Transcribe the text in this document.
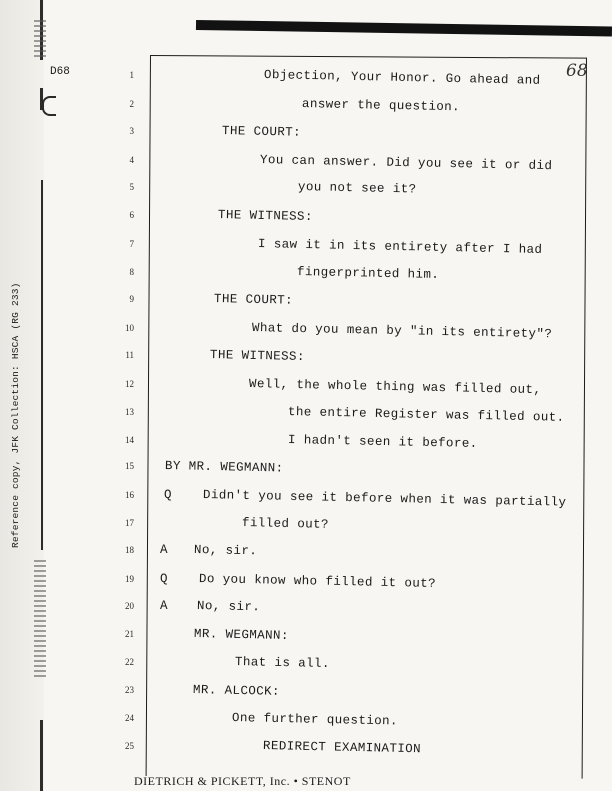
D68	68
Reference copy, JFK Collection: HSCA (RG 233)
1	Objection, Your Honor. Go ahead and
2	answer the question.
3	THE COURT:
4	You can answer. Did you see it or did
5	you not see it?
6	THE WITNESS:
7	I saw it in its entirety after I had
8	fingerprinted him.
9	THE COURT:
10	What do you mean by "in its entirety"?
11	THE WITNESS:
12	Well, the whole thing was filled out,
13	the entire Register was filled out.
14	I hadn't seen it before.
15 BY MR. WEGMANN:
16 Q Didn't you see it before when it was partially
17	filled out?
18 A No, sir.
19 Q Do you know who filled it out?
20 A No, sir.
21	MR. WEGMANN:
22	That is all.
23	MR. ALCOCK:
24	One further question.
25	REDIRECT EXAMINATION
DIETRICH & PICKETT, Inc. • STENOT
